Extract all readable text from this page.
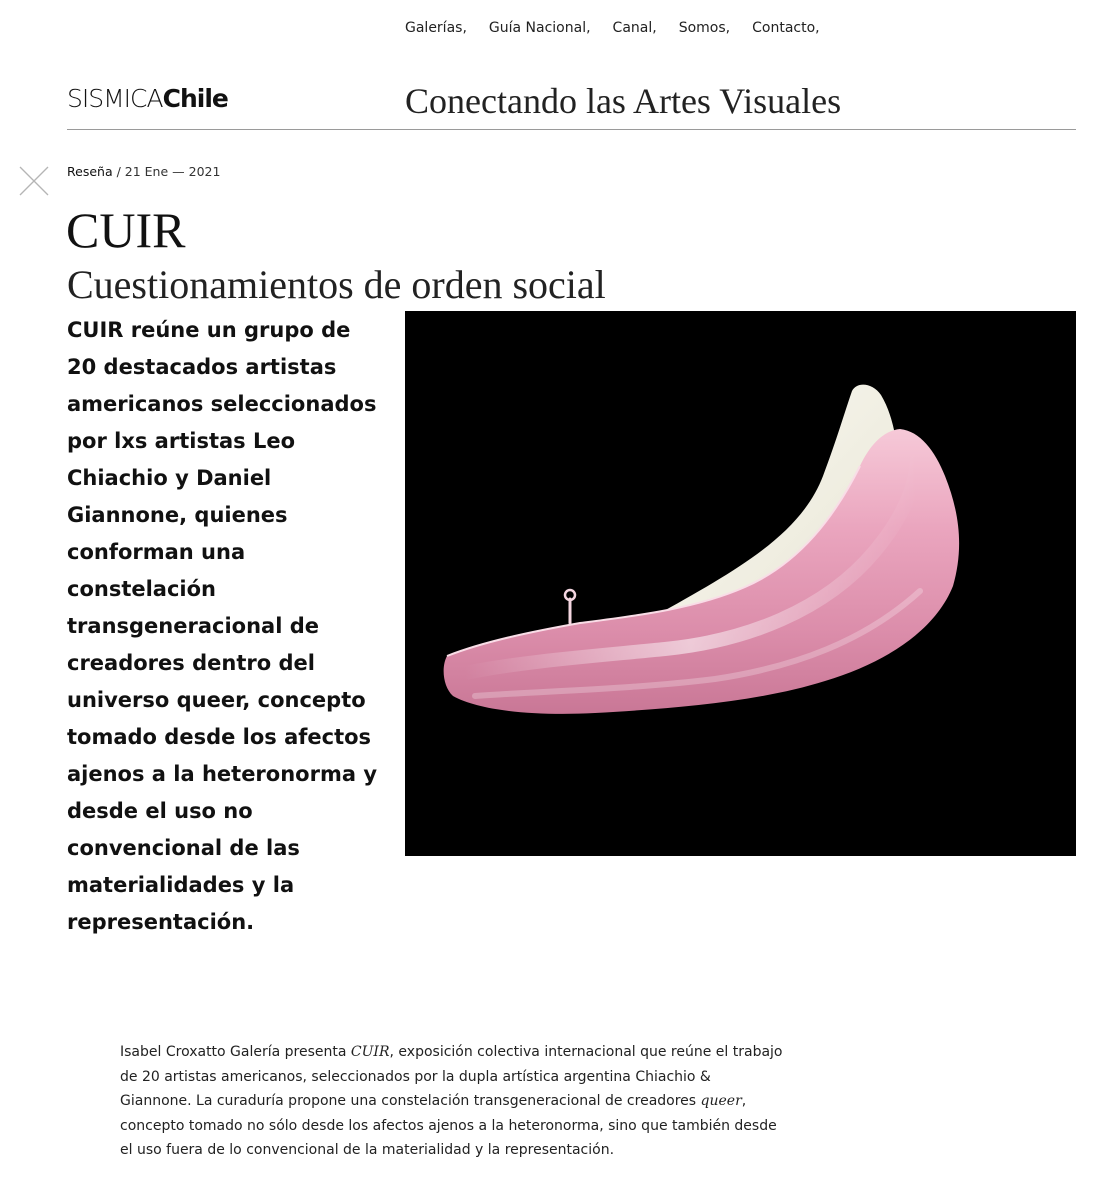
Galerías, Guía Nacional, Canal, Somos, Contacto,
SISMICAChile	Conectando las Artes Visuales
Reseña / 21 Ene — 2021
CUIR
Cuestionamientos de orden social

CUIR reúne un grupo de 20 destacados artistas americanos seleccionados por lxs artistas Leo Chiachio y Daniel Giannone, quienes conforman una constelación transgeneracional de creadores dentro del universo queer, concepto tomado desde los afectos ajenos a la heteronorma y desde el uso no convencional de las materialidades y la representación.

Isabel Croxatto Galería presenta CUIR, exposición colectiva internacional que reúne el trabajo de 20 artistas americanos, seleccionados por la dupla artística argentina Chiachio & Giannone. La curaduría propone una constelación transgeneracional de creadores queer, concepto tomado no sólo desde los afectos ajenos a la heteronorma, sino que también desde el uso fuera de lo convencional de la materialidad y la representación.
